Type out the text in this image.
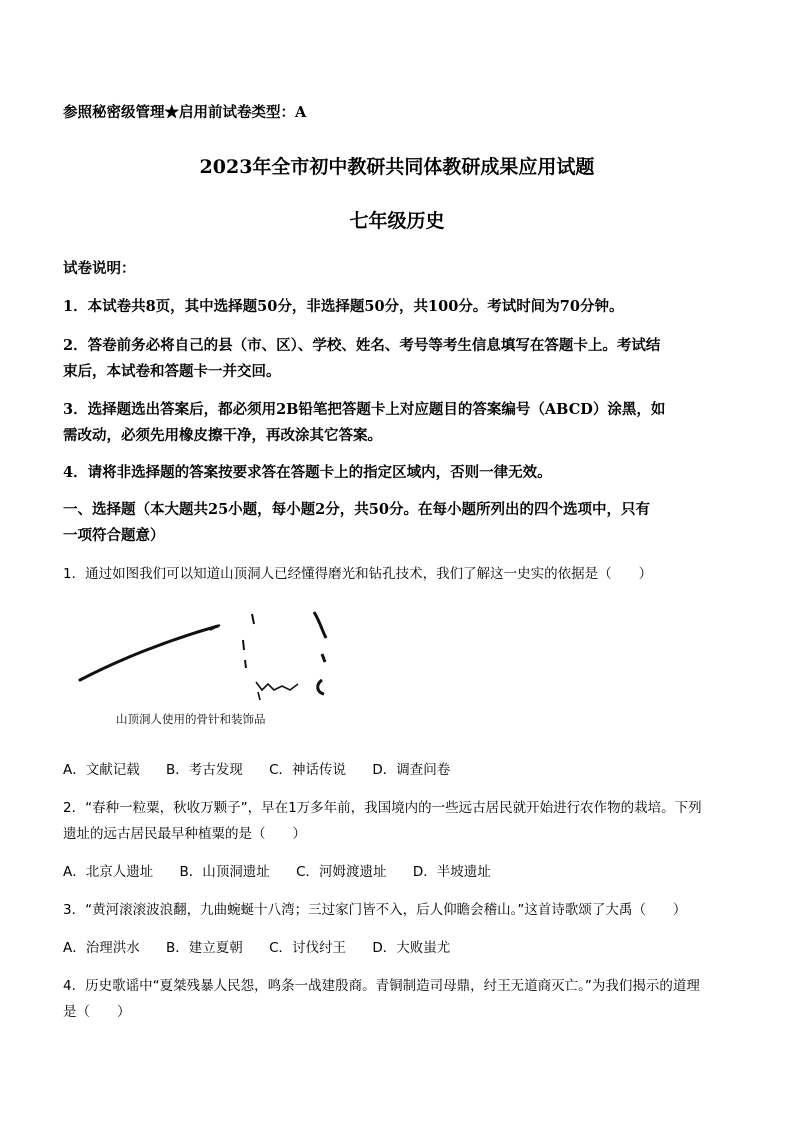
参照秘密级管理★启用前试卷类型：A
2023年全市初中教研共同体教研成果应用试题
七年级历史
试卷说明：
1．本试卷共8页，其中选择题50分，非选择题50分，共100分。考试时间为70分钟。
2．答卷前务必将自己的县（市、区）、学校、姓名、考号等考生信息填写在答题卡上。考试结
束后，本试卷和答题卡一并交回。
3．选择题选出答案后，都必须用2B铅笔把答题卡上对应题目的答案编号（ABCD）涂黑，如
需改动，必须先用橡皮擦干净，再改涂其它答案。
4．请将非选择题的答案按要求答在答题卡上的指定区域内，否则一律无效。
一、选择题（本大题共25小题，每小题2分，共50分。在每小题所列出的四个选项中，只有
一项符合题意）
1．通过如图我们可以知道山顶洞人已经懂得磨光和钻孔技术，我们了解这一史实的依据是（　　）
山顶洞人使用的骨针和装饰品
A．文献记载 B．考古发现 C．神话传说 D．调查问卷
2．“春种一粒粟，秋收万颗子”，早在1万多年前，我国境内的一些远古居民就开始进行农作物的栽培。下列
遗址的远古居民最早种植粟的是（　　）
A．北京人遗址 B．山顶洞遗址 C．河姆渡遗址 D．半坡遗址
3．“黄河滚滚波浪翻，九曲蜿蜒十八湾；三过家门皆不入，后人仰瞻会稽山。”这首诗歌颂了大禹（　　）
A．治理洪水 B．建立夏朝 C．讨伐纣王 D．大败蚩尤
4．历史歌谣中“夏桀残暴人民怨，鸣条一战建殷商。青铜制造司母鼎，纣王无道商灭亡。”为我们揭示的道理
是（　　）
